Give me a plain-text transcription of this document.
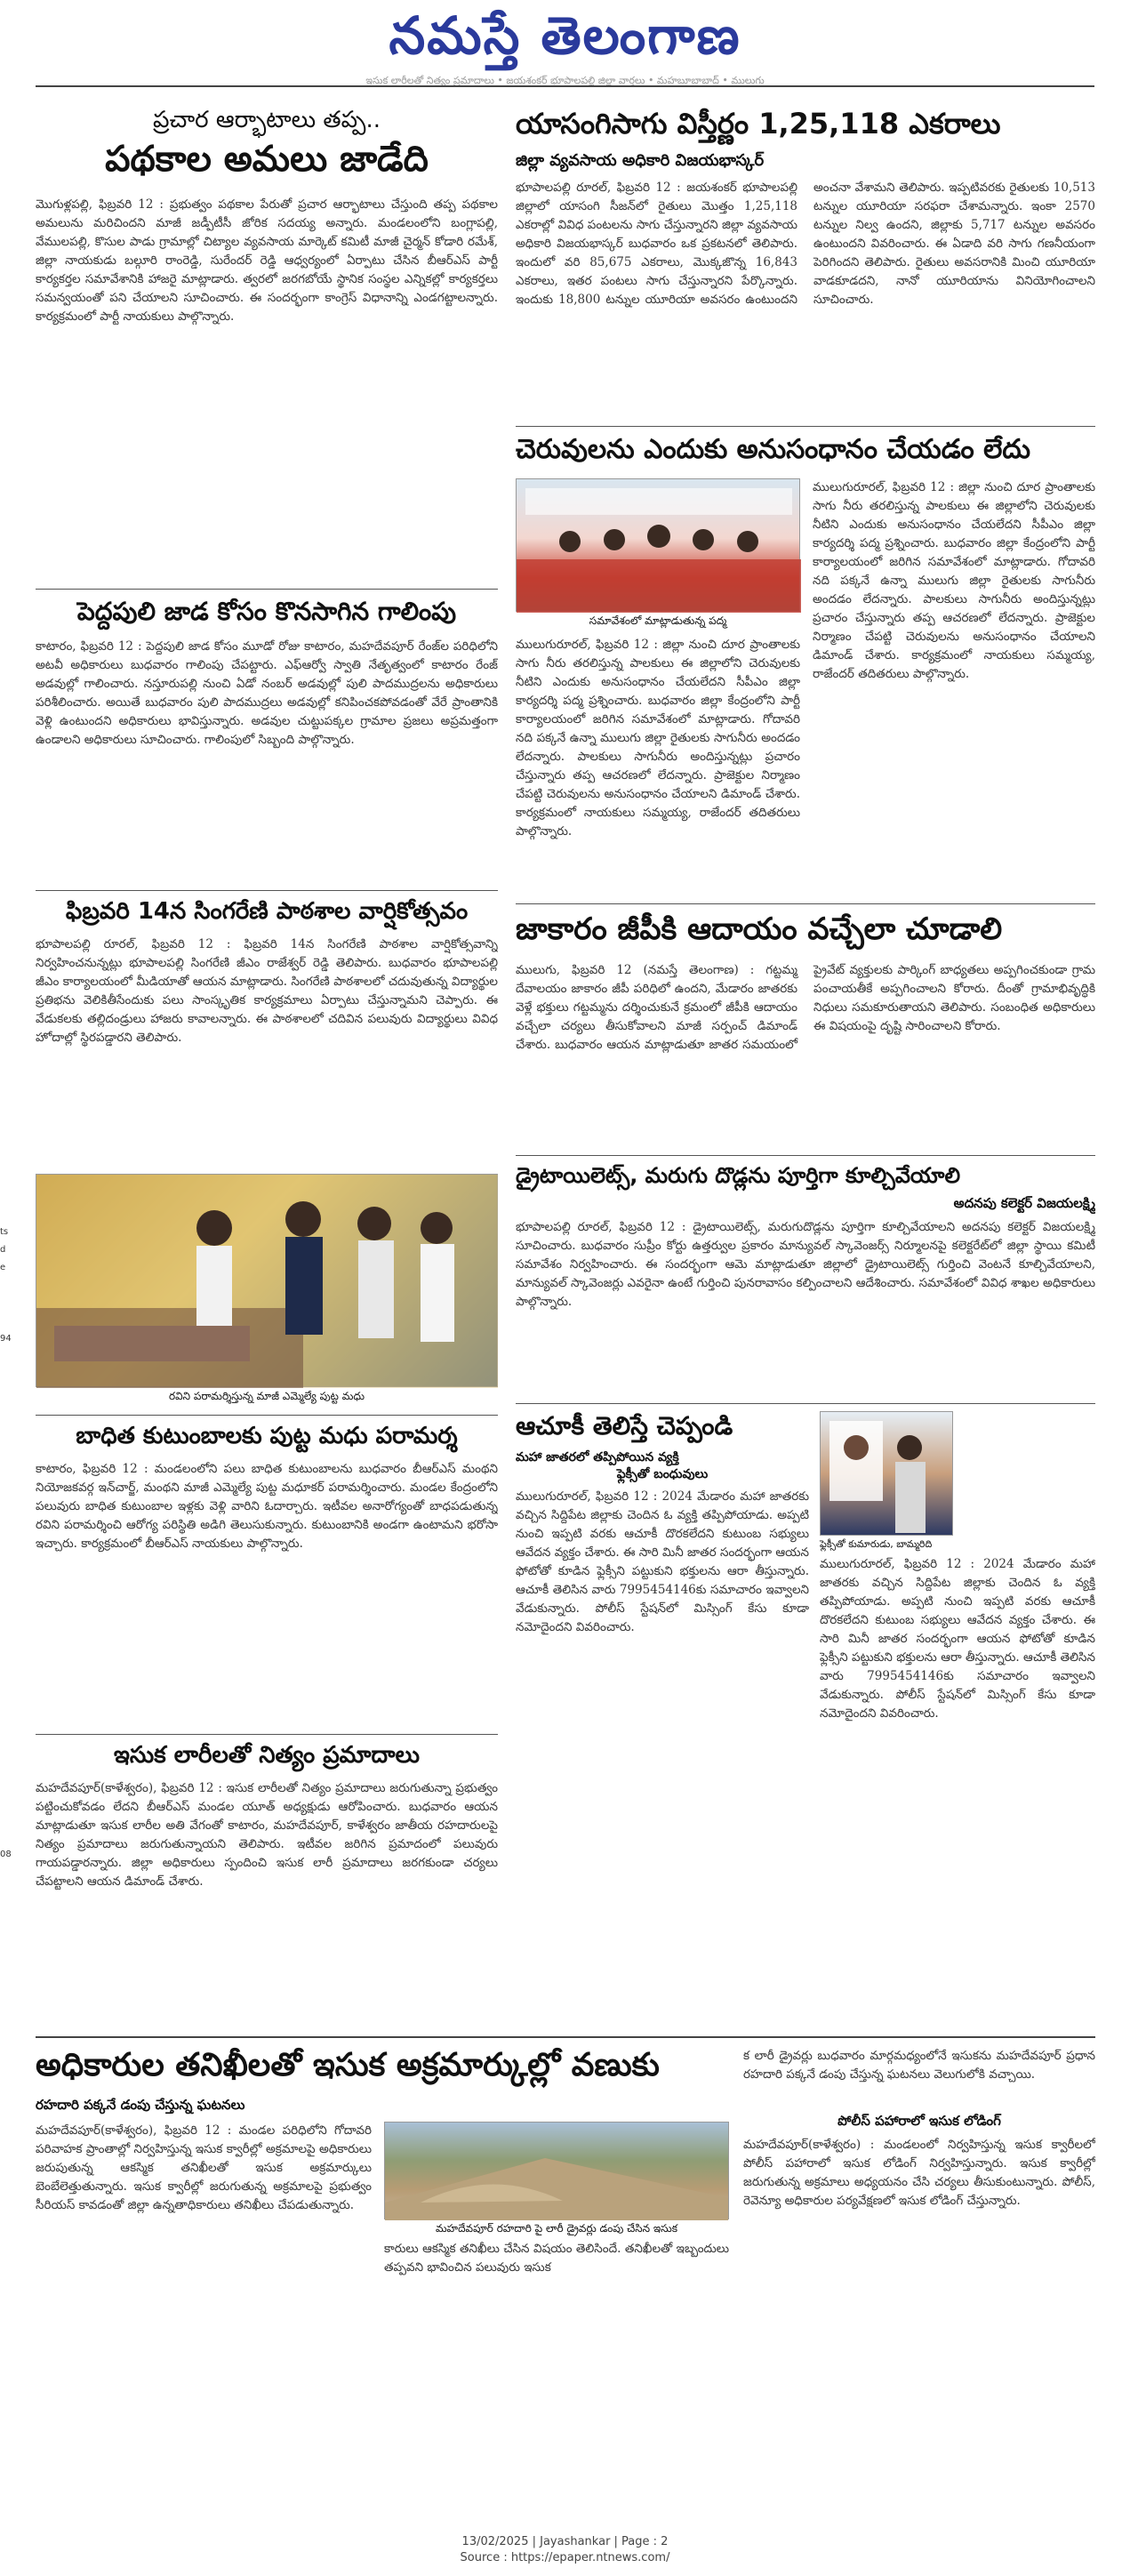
నమస్తే తెలంగాణ
ఇసుక లారీలతో నిత్యం ప్రమాదాలు • జయశంకర్ భూపాలపల్లి జిల్లా వార్తలు • మహబూబాబాద్ • ములుగు
ts
d
e
94
08
ప్రచార ఆర్భాటాలు తప్ప..
పథకాల అమలు జాడేది

మొగుళ్లపల్లి, ఫిబ్రవరి 12 : ప్రభుత్వం పథకాల పేరుతో ప్రచార ఆర్భాటాలు చేస్తుంది తప్ప పథకాల అమలును మరిచిందని మాజీ జడ్పీటీసీ జోరిక సదయ్య అన్నారు. మండలంలోని బంగ్లాపల్లి, వేములపల్లి, కొసుల పాడు గ్రామాల్లో చిట్యాల వ్యవసాయ మార్కెట్ కమిటీ మాజీ చైర్మన్ కోడారి రమేశ్, జిల్లా నాయకుడు బల్గూరి రాంరెడ్డి, సురేందర్ రెడ్డి ఆధ్వర్యంలో ఏర్పాటు చేసిన బీఆర్ఎస్ పార్టీ కార్యకర్తల సమావేశానికి హాజరై మాట్లాడారు. త్వరలో జరగబోయే స్థానిక సంస్థల ఎన్నికల్లో కార్యకర్తలు సమన్వయంతో పని చేయాలని సూచించారు. ఈ సందర్భంగా కాంగ్రెస్ విధానాన్ని ఎండగట్టాలన్నారు. కార్యక్రమంలో పార్టీ నాయకులు పాల్గొన్నారు.

పెద్దపులి జాడ కోసం కొనసాగిన గాలింపు

కాటారం, ఫిబ్రవరి 12 : పెద్దపులి జాడ కోసం మూడో రోజు కాటారం, మహదేవపూర్ రేంజ్‌ల పరిధిలోని అటవీ అధికారులు బుధవారం గాలింపు చేపట్టారు. ఎఫ్‌ఆర్వో స్వాతి నేతృత్వంలో కాటారం రేంజ్ అడవుల్లో గాలించారు. నస్తూరుపల్లి నుంచి ఏడో నంబర్ అడవుల్లో పులి పాదముద్రలను అధికారులు పరిశీలించారు. అయితే బుధవారం పులి పాదముద్రలు అడవుల్లో కనిపించకపోవడంతో వేరే ప్రాంతానికి వెళ్లి ఉంటుందని అధికారులు భావిస్తున్నారు. అడవుల చుట్టుపక్కల గ్రామాల ప్రజలు అప్రమత్తంగా ఉండాలని అధికారులు సూచించారు. గాలింపులో సిబ్బంది పాల్గొన్నారు.

ఫిబ్రవరి 14న సింగరేణి పాఠశాల వార్షికోత్సవం

భూపాలపల్లి రూరల్, ఫిబ్రవరి 12 : ఫిబ్రవరి 14న సింగరేణి పాఠశాల వార్షికోత్సవాన్ని నిర్వహించనున్నట్లు భూపాలపల్లి సింగరేణి జీఎం రాజేశ్వర్ రెడ్డి తెలిపారు. బుధవారం భూపాలపల్లి జీఎం కార్యాలయంలో మీడియాతో ఆయన మాట్లాడారు. సింగరేణి పాఠశాలలో చదువుతున్న విద్యార్థుల ప్రతిభను వెలికితీసేందుకు పలు సాంస్కృతిక కార్యక్రమాలు ఏర్పాటు చేస్తున్నామని చెప్పారు. ఈ వేడుకలకు తల్లిదండ్రులు హాజరు కావాలన్నారు. ఈ పాఠశాలలో చదివిన పలువురు విద్యార్థులు వివిధ హోదాల్లో స్థిరపడ్డారని తెలిపారు.

రవిని పరామర్శిస్తున్న మాజీ ఎమ్మెల్యే పుట్ట మధు
బాధిత కుటుంబాలకు పుట్ట మధు పరామర్శ

కాటారం, ఫిబ్రవరి 12 : మండలంలోని పలు బాధిత కుటుంబాలను బుధవారం బీఆర్ఎస్ మంథని నియోజకవర్గ ఇన్‌చార్జ్, మంథని మాజీ ఎమ్మెల్యే పుట్ట మధూకర్ పరామర్శించారు. మండల కేంద్రంలోని పలువురు బాధిత కుటుంబాల ఇళ్లకు వెళ్లి వారిని ఓదార్చారు. ఇటీవల అనారోగ్యంతో బాధపడుతున్న రవిని పరామర్శించి ఆరోగ్య పరిస్థితి అడిగి తెలుసుకున్నారు. కుటుంబానికి అండగా ఉంటామని భరోసా ఇచ్చారు. కార్యక్రమంలో బీఆర్ఎస్ నాయకులు పాల్గొన్నారు.

ఇసుక లారీలతో నిత్యం ప్రమాదాలు

మహదేవపూర్(కాళేశ్వరం), ఫిబ్రవరి 12 : ఇసుక లారీలతో నిత్యం ప్రమాదాలు జరుగుతున్నా ప్రభుత్వం పట్టించుకోవడం లేదని బీఆర్ఎస్ మండల యూత్ అధ్యక్షుడు ఆరోపించారు. బుధవారం ఆయన మాట్లాడుతూ ఇసుక లారీల అతి వేగంతో కాటారం, మహదేవపూర్, కాళేశ్వరం జాతీయ రహదారులపై నిత్యం ప్రమాదాలు జరుగుతున్నాయని తెలిపారు. ఇటీవల జరిగిన ప్రమాదంలో పలువురు గాయపడ్డారన్నారు. జిల్లా అధికారులు స్పందించి ఇసుక లారీ ప్రమాదాలు జరగకుండా చర్యలు చేపట్టాలని ఆయన డిమాండ్ చేశారు.

యాసంగిసాగు విస్తీర్ణం 1,25,118 ఎకరాలు
జిల్లా వ్యవసాయ అధికారి విజయభాస్కర్

భూపాలపల్లి రూరల్, ఫిబ్రవరి 12 : జయశంకర్ భూపాలపల్లి జిల్లాలో యాసంగి సీజన్‌లో రైతులు మొత్తం 1,25,118 ఎకరాల్లో వివిధ పంటలను సాగు చేస్తున్నారని జిల్లా వ్యవసాయ అధికారి విజయభాస్కర్ బుధవారం ఒక ప్రకటనలో తెలిపారు. ఇందులో వరి 85,675 ఎకరాలు, మొక్కజొన్న 16,843 ఎకరాలు, ఇతర పంటలు సాగు చేస్తున్నారని పేర్కొన్నారు. ఇందుకు 18,800 టన్నుల యూరియా అవసరం ఉంటుందని అంచనా వేశామని తెలిపారు. ఇప్పటివరకు రైతులకు 10,513 టన్నుల యూరియా సరఫరా చేశామన్నారు. ఇంకా 2570 టన్నుల నిల్వ ఉందని, జిల్లాకు 5,717 టన్నుల అవసరం ఉంటుందని వివరించారు. ఈ ఏడాది వరి సాగు గణనీయంగా పెరిగిందని తెలిపారు. రైతులు అవసరానికి మించి యూరియా వాడకూడదని, నానో యూరియాను వినియోగించాలని సూచించారు.

చెరువులను ఎందుకు అనుసంధానం చేయడం లేదు
సమావేశంలో మాట్లాడుతున్న పద్మ

ములుగురూరల్, ఫిబ్రవరి 12 : జిల్లా నుంచి దూర ప్రాంతాలకు సాగు నీరు తరలిస్తున్న పాలకులు ఈ జిల్లాలోని చెరువులకు నీటిని ఎందుకు అనుసంధానం చేయలేదని సీపీఎం జిల్లా కార్యదర్శి పద్మ ప్రశ్నించారు. బుధవారం జిల్లా కేంద్రంలోని పార్టీ కార్యాలయంలో జరిగిన సమావేశంలో మాట్లాడారు. గోదావరి నది పక్కనే ఉన్నా ములుగు జిల్లా రైతులకు సాగునీరు అందడం లేదన్నారు. పాలకులు సాగునీరు అందిస్తున్నట్లు ప్రచారం చేస్తున్నారు తప్ప ఆచరణలో లేదన్నారు. ప్రాజెక్టుల నిర్మాణం చేపట్టి చెరువులను అనుసంధానం చేయాలని డిమాండ్ చేశారు. కార్యక్రమంలో నాయకులు సమ్మయ్య, రాజేందర్ తదితరులు పాల్గొన్నారు.

ములుగురూరల్, ఫిబ్రవరి 12 : జిల్లా నుంచి దూర ప్రాంతాలకు సాగు నీరు తరలిస్తున్న పాలకులు ఈ జిల్లాలోని చెరువులకు నీటిని ఎందుకు అనుసంధానం చేయలేదని సీపీఎం జిల్లా కార్యదర్శి పద్మ ప్రశ్నించారు. బుధవారం జిల్లా కేంద్రంలోని పార్టీ కార్యాలయంలో జరిగిన సమావేశంలో మాట్లాడారు. గోదావరి నది పక్కనే ఉన్నా ములుగు జిల్లా రైతులకు సాగునీరు అందడం లేదన్నారు. పాలకులు సాగునీరు అందిస్తున్నట్లు ప్రచారం చేస్తున్నారు తప్ప ఆచరణలో లేదన్నారు. ప్రాజెక్టుల నిర్మాణం చేపట్టి చెరువులను అనుసంధానం చేయాలని డిమాండ్ చేశారు. కార్యక్రమంలో నాయకులు సమ్మయ్య, రాజేందర్ తదితరులు పాల్గొన్నారు.

జాకారం జీపీకి ఆదాయం వచ్చేలా చూడాలి

ములుగు, ఫిబ్రవరి 12 (నమస్తే తెలంగాణ) : గట్టమ్మ దేవాలయం జాకారం జీపీ పరిధిలో ఉందని, మేడారం జాతరకు వెళ్లే భక్తులు గట్టమ్మను దర్శించుకునే క్రమంలో జీపీకి ఆదాయం వచ్చేలా చర్యలు తీసుకోవాలని మాజీ సర్పంచ్ డిమాండ్ చేశారు. బుధవారం ఆయన మాట్లాడుతూ జాతర సమయంలో ప్రైవేట్ వ్యక్తులకు పార్కింగ్ బాధ్యతలు అప్పగించకుండా గ్రామ పంచాయతీకే అప్పగించాలని కోరారు. దీంతో గ్రామాభివృద్ధికి నిధులు సమకూరుతాయని తెలిపారు. సంబంధిత అధికారులు ఈ విషయంపై దృష్టి సారించాలని కోరారు.

డ్రైటాయిలెట్స్, మరుగు దొడ్లను పూర్తిగా కూల్చివేయాలి
అదనపు కలెక్టర్ విజయలక్ష్మి

భూపాలపల్లి రూరల్, ఫిబ్రవరి 12 : డ్రైటాయిలెట్స్, మరుగుదొడ్లను పూర్తిగా కూల్చివేయాలని అదనపు కలెక్టర్ విజయలక్ష్మి సూచించారు. బుధవారం సుప్రీం కోర్టు ఉత్తర్వుల ప్రకారం మాన్యువల్ స్కావెంజర్స్ నిర్మూలనపై కలెక్టరేట్‌లో జిల్లా స్థాయి కమిటీ సమావేశం నిర్వహించారు. ఈ సందర్భంగా ఆమె మాట్లాడుతూ జిల్లాలో డ్రైటాయిలెట్స్ గుర్తించి వెంటనే కూల్చివేయాలని, మాన్యువల్ స్కావెంజర్లు ఎవరైనా ఉంటే గుర్తించి పునరావాసం కల్పించాలని ఆదేశించారు. సమావేశంలో వివిధ శాఖల అధికారులు పాల్గొన్నారు.

ఆచూకీ తెలిస్తే చెప్పండి
మహా జాతరలో తప్పిపోయిన వ్యక్తి
ఫ్లెక్సీతో బంధువులు

ములుగురూరల్, ఫిబ్రవరి 12 : 2024 మేడారం మహా జాతరకు వచ్చిన సిద్దిపేట జిల్లాకు చెందిన ఓ వ్యక్తి తప్పిపోయాడు. అప్పటి నుంచి ఇప్పటి వరకు ఆచూకీ దొరకలేదని కుటుంబ సభ్యులు ఆవేదన వ్యక్తం చేశారు. ఈ సారి మినీ జాతర సందర్భంగా ఆయన ఫోటోతో కూడిన ఫ్లెక్సీని పట్టుకుని భక్తులను ఆరా తీస్తున్నారు. ఆచూకీ తెలిసిన వారు 7995454146కు సమాచారం ఇవ్వాలని వేడుకున్నారు. పోలీస్ స్టేషన్‌లో మిస్సింగ్ కేసు కూడా నమోదైందని వివరించారు.

ఫ్లెక్సీతో కుమారుడు, బామ్మరిది

ములుగురూరల్, ఫిబ్రవరి 12 : 2024 మేడారం మహా జాతరకు వచ్చిన సిద్దిపేట జిల్లాకు చెందిన ఓ వ్యక్తి తప్పిపోయాడు. అప్పటి నుంచి ఇప్పటి వరకు ఆచూకీ దొరకలేదని కుటుంబ సభ్యులు ఆవేదన వ్యక్తం చేశారు. ఈ సారి మినీ జాతర సందర్భంగా ఆయన ఫోటోతో కూడిన ఫ్లెక్సీని పట్టుకుని భక్తులను ఆరా తీస్తున్నారు. ఆచూకీ తెలిసిన వారు 7995454146కు సమాచారం ఇవ్వాలని వేడుకున్నారు. పోలీస్ స్టేషన్‌లో మిస్సింగ్ కేసు కూడా నమోదైందని వివరించారు.

అధికారుల తనిఖీలతో ఇసుక అక్రమార్కుల్లో వణుకు
రహదారి పక్కనే డంపు చేస్తున్న ఘటనలు

మహదేవపూర్(కాళేశ్వరం), ఫిబ్రవరి 12 : మండల పరిధిలోని గోదావరి పరివాహక ప్రాంతాల్లో నిర్వహిస్తున్న ఇసుక క్వారీల్లో అక్రమాలపై అధికారులు జరుపుతున్న ఆకస్మిక తనిఖీలతో ఇసుక అక్రమార్కులు బెంబేలెత్తుతున్నారు. ఇసుక క్వారీల్లో జరుగుతున్న అక్రమాలపై ప్రభుత్వం సీరియస్ కావడంతో జిల్లా ఉన్నతాధికారులు తనిఖీలు చేపడుతున్నారు.

మహదేవపూర్ రహదారి పై లారీ డ్రైవర్లు డంపు చేసిన ఇసుక

కారులు ఆకస్మిక తనిఖీలు చేసిన విషయం తెలిసిందే. తనిఖీలతో ఇబ్బందులు తప్పవని భావించిన పలువురు ఇసుక

క లారీ డ్రైవర్లు బుధవారం మార్గమధ్యంలోనే ఇసుకను మహదేవపూర్ ప్రధాన రహదారి పక్కనే డంపు చేస్తున్న ఘటనలు వెలుగులోకి వచ్చాయి.

పోలీస్ పహారాలో ఇసుక లోడింగ్

మహదేవపూర్(కాళేశ్వరం) : మండలంలో నిర్వహిస్తున్న ఇసుక క్వారీలలో పోలీస్ పహారాలో ఇసుక లోడింగ్ నిర్వహిస్తున్నారు. ఇసుక క్వారీల్లో జరుగుతున్న అక్రమాలు అధ్యయనం చేసి చర్యలు తీసుకుంటున్నారు. పోలీస్, రెవెన్యూ అధికారుల పర్యవేక్షణలో ఇసుక లోడింగ్ చేస్తున్నారు.

13/02/2025 | Jayashankar | Page : 2
Source : https://epaper.ntnews.com/
